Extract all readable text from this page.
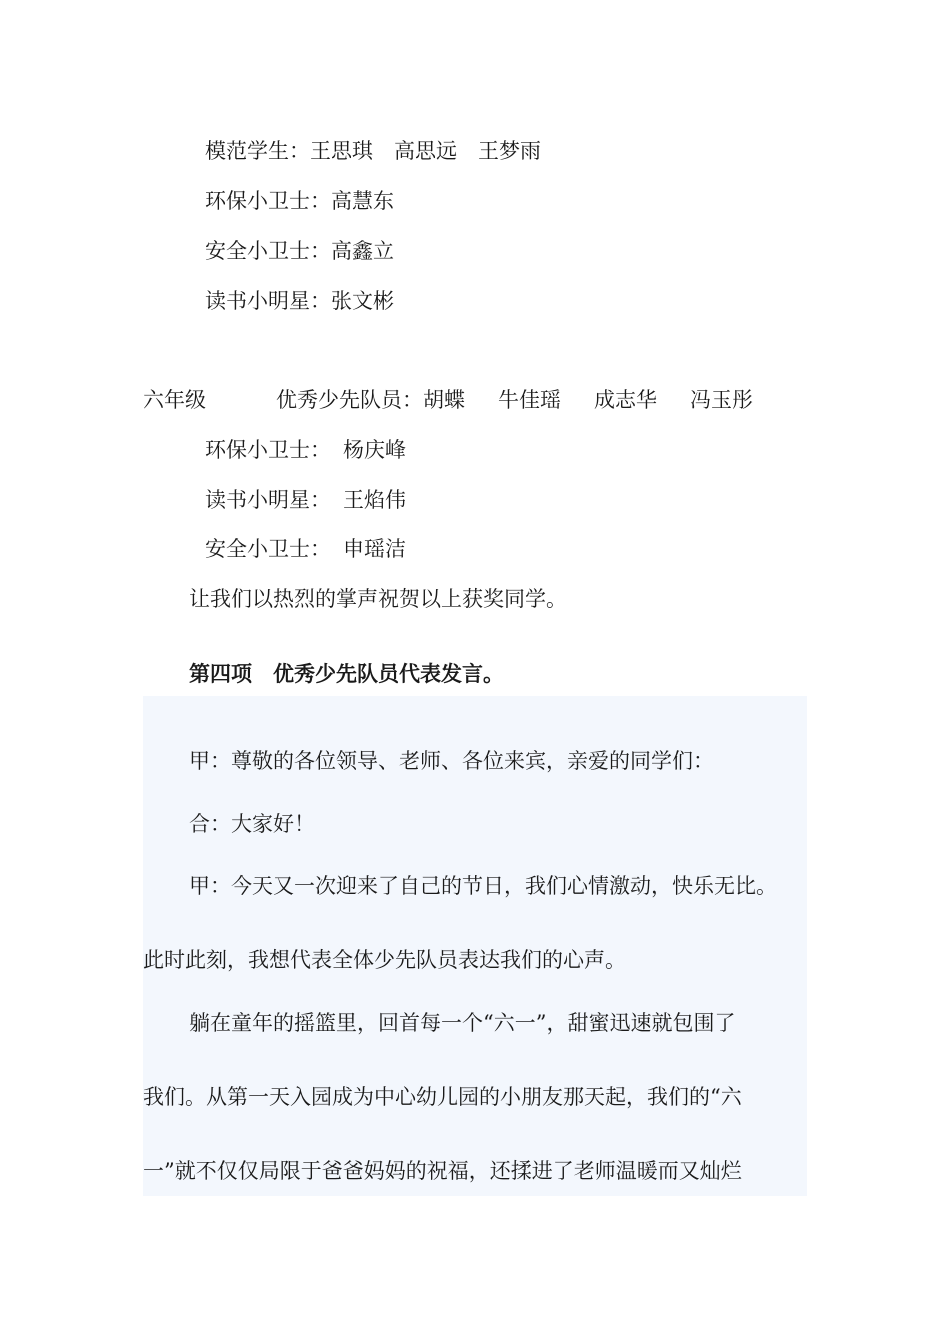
模范学生：王思琪 高思远 王梦雨
环保小卫士：高慧东
安全小卫士：高鑫立
读书小明星：张文彬
六年级	优秀少先队员：胡蝶 牛佳瑶 成志华 冯玉彤
环保小卫士： 杨庆峰
读书小明星： 王焰伟
安全小卫士： 申瑶洁
让我们以热烈的掌声祝贺以上获奖同学。
第四项　优秀少先队员代表发言。
甲：尊敬的各位领导、老师、各位来宾，亲爱的同学们：
合：大家好！
甲：今天又一次迎来了自己的节日，我们心情激动，快乐无比。
此时此刻，我想代表全体少先队员表达我们的心声。
躺在童年的摇篮里，回首每一个“六一”，甜蜜迅速就包围了
我们。从第一天入园成为中心幼儿园的小朋友那天起，我们的“六
一”就不仅仅局限于爸爸妈妈的祝福，还揉进了老师温暖而又灿烂
